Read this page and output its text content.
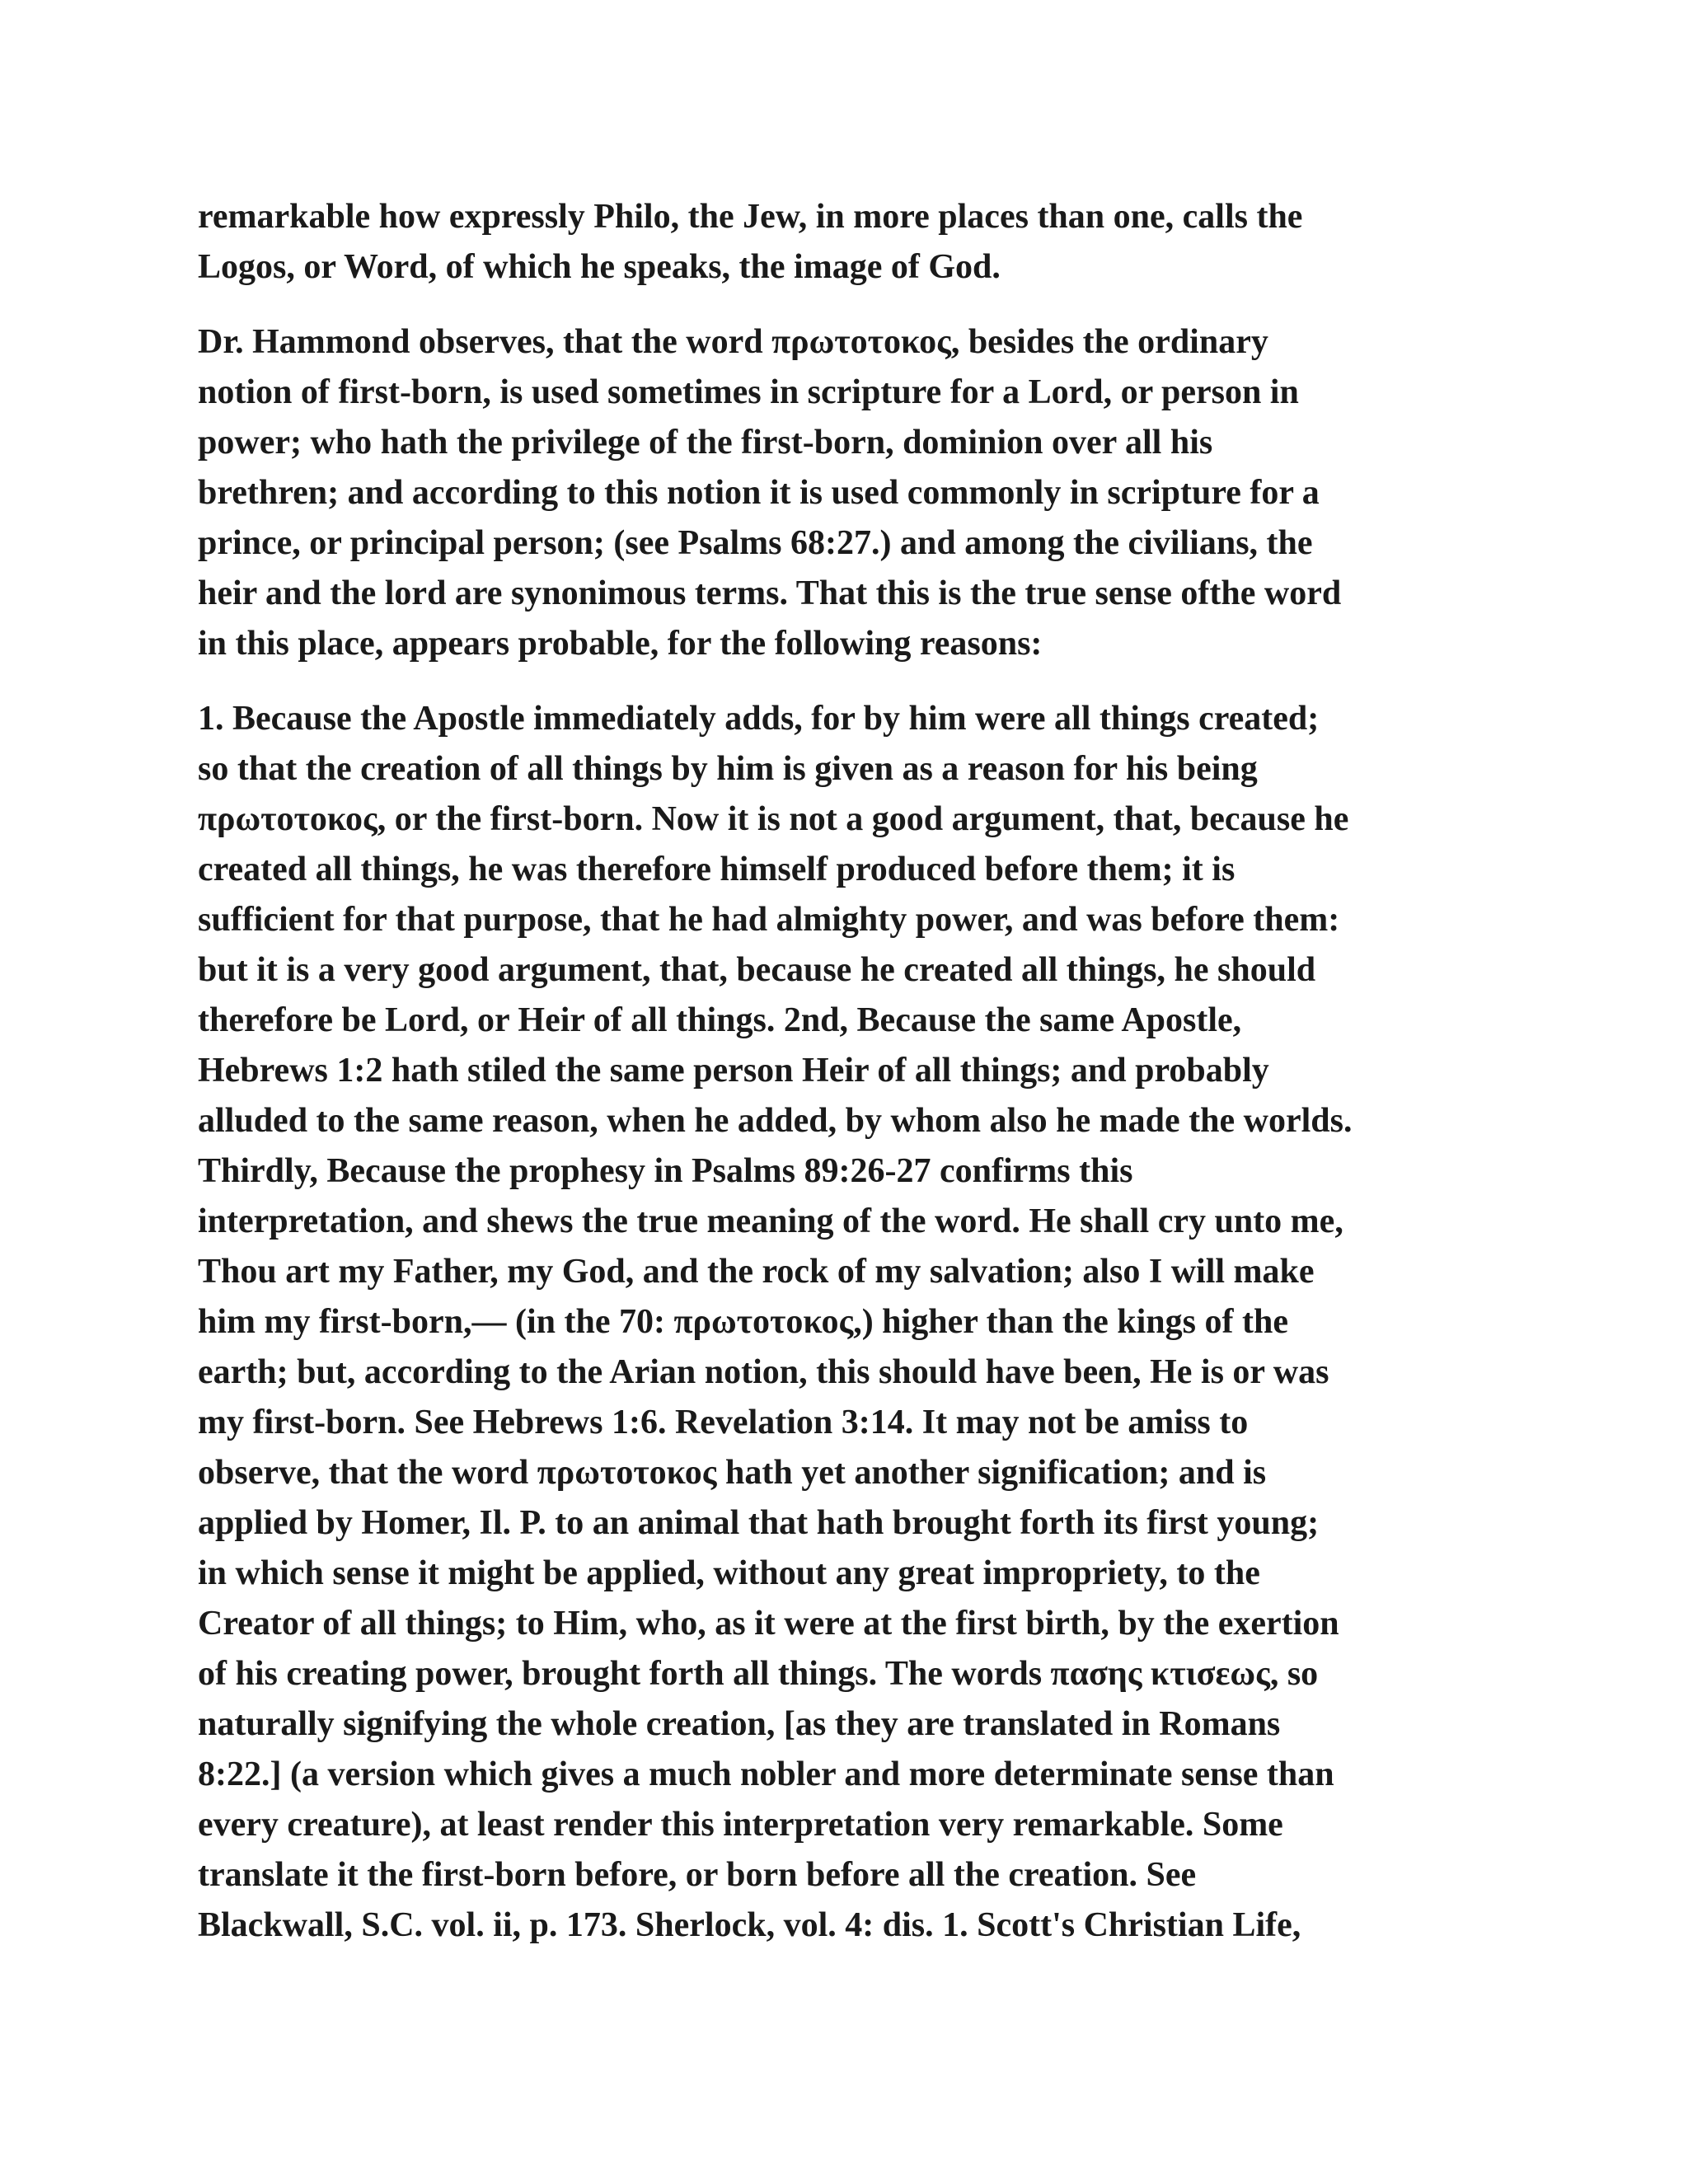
remarkable how expressly Philo, the Jew, in more places than one, calls the
Logos, or Word, of which he speaks, the image of God.
Dr. Hammond observes, that the word πρωτοτοκος, besides the ordinary
notion of first-born, is used sometimes in scripture for a Lord, or person in
power; who hath the privilege of the first-born, dominion over all his
brethren; and according to this notion it is used commonly in scripture for a
prince, or principal person; (see Psalms 68:27.) and among the civilians, the
heir and the lord are synonimous terms. That this is the true sense ofthe word
in this place, appears probable, for the following reasons:
1. Because the Apostle immediately adds, for by him were all things created;
so that the creation of all things by him is given as a reason for his being
πρωτοτοκος, or the first-born. Now it is not a good argument, that, because he
created all things, he was therefore himself produced before them; it is
sufficient for that purpose, that he had almighty power, and was before them:
but it is a very good argument, that, because he created all things, he should
therefore be Lord, or Heir of all things. 2nd, Because the same Apostle,
Hebrews 1:2 hath stiled the same person Heir of all things; and probably
alluded to the same reason, when he added, by whom also he made the worlds.
Thirdly, Because the prophesy in Psalms 89:26-27 confirms this
interpretation, and shews the true meaning of the word. He shall cry unto me,
Thou art my Father, my God, and the rock of my salvation; also I will make
him my first-born,— (in the 70: πρωτοτοκος,) higher than the kings of the
earth; but, according to the Arian notion, this should have been, He is or was
my first-born. See Hebrews 1:6. Revelation 3:14. It may not be amiss to
observe, that the word πρωτοτοκος hath yet another signification; and is
applied by Homer, Il. P. to an animal that hath brought forth its first young;
in which sense it might be applied, without any great impropriety, to the
Creator of all things; to Him, who, as it were at the first birth, by the exertion
of his creating power, brought forth all things. The words πασης κτισεως, so
naturally signifying the whole creation, [as they are translated in Romans
8:22.] (a version which gives a much nobler and more determinate sense than
every creature), at least render this interpretation very remarkable. Some
translate it the first-born before, or born before all the creation. See
Blackwall, S.C. vol. ii, p. 173. Sherlock, vol. 4: dis. 1. Scott's Christian Life,
